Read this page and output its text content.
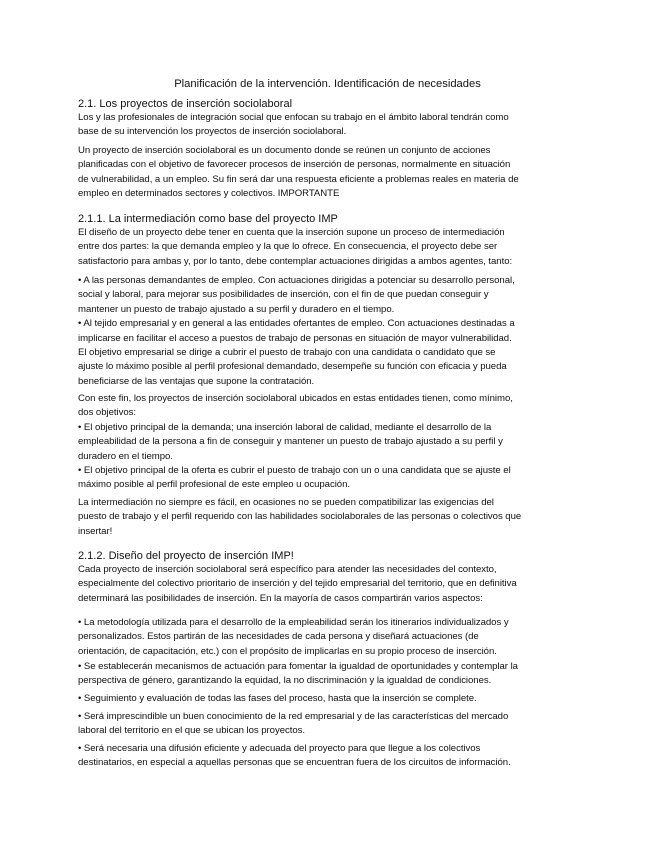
Planificación de la intervención. Identificación de necesidades
2.1. Los proyectos de inserción sociolaboral
Los y las profesionales de integración social que enfocan su trabajo en el ámbito laboral tendrán como
base de su intervención los proyectos de inserción sociolaboral.
Un proyecto de inserción sociolaboral es un documento donde se reúnen un conjunto de acciones
planificadas con el objetivo de favorecer procesos de inserción de personas, normalmente en situación
de vulnerabilidad, a un empleo. Su fin será dar una respuesta eficiente a problemas reales en materia de
empleo en determinados sectores y colectivos. IMPORTANTE
2.1.1. La intermediación como base del proyecto IMP
El diseño de un proyecto debe tener en cuenta que la inserción supone un proceso de intermediación
entre dos partes: la que demanda empleo y la que lo ofrece. En consecuencia, el proyecto debe ser
satisfactorio para ambas y, por lo tanto, debe contemplar actuaciones dirigidas a ambos agentes, tanto:
• A las personas demandantes de empleo. Con actuaciones dirigidas a potenciar su desarrollo personal,
social y laboral, para mejorar sus posibilidades de inserción, con el fin de que puedan conseguir y
mantener un puesto de trabajo ajustado a su perfil y duradero en el tiempo.
• Al tejido empresarial y en general a las entidades ofertantes de empleo. Con actuaciones destinadas a
implicarse en facilitar el acceso a puestos de trabajo de personas en situación de mayor vulnerabilidad.
El objetivo empresarial se dirige a cubrir el puesto de trabajo con una candidata o candidato que se
ajuste lo máximo posible al perfil profesional demandado, desempeñe su función con eficacia y pueda
beneficiarse de las ventajas que supone la contratación.
Con este fin, los proyectos de inserción sociolaboral ubicados en estas entidades tienen, como mínimo,
dos objetivos:
• El objetivo principal de la demanda; una inserción laboral de calidad, mediante el desarrollo de la
empleabilidad de la persona a fin de conseguir y mantener un puesto de trabajo ajustado a su perfil y
duradero en el tiempo.
• El objetivo principal de la oferta es cubrir el puesto de trabajo con un o una candidata que se ajuste el
máximo posible al perfil profesional de este empleo u ocupación.
La intermediación no siempre es fácil, en ocasiones no se pueden compatibilizar las exigencias del
puesto de trabajo y el perfil requerido con las habilidades sociolaborales de las personas o colectivos que
insertar!
2.1.2. Diseño del proyecto de inserción IMP!
Cada proyecto de inserción sociolaboral será específico para atender las necesidades del contexto,
especialmente del colectivo prioritario de inserción y del tejido empresarial del territorio, que en definitiva
determinará las posibilidades de inserción. En la mayoría de casos compartirán varios aspectos:
• La metodología utilizada para el desarrollo de la empleabilidad serán los itinerarios individualizados y
personalizados. Estos partirán de las necesidades de cada persona y diseñará actuaciones (de
orientación, de capacitación, etc.) con el propósito de implicarlas en su propio proceso de inserción.
• Se establecerán mecanismos de actuación para fomentar la igualdad de oportunidades y contemplar la
perspectiva de género, garantizando la equidad, la no discriminación y la igualdad de condiciones.
• Seguimiento y evaluación de todas las fases del proceso, hasta que la inserción se complete.
• Será imprescindible un buen conocimiento de la red empresarial y de las características del mercado
laboral del territorio en el que se ubican los proyectos.
• Será necesaria una difusión eficiente y adecuada del proyecto para que llegue a los colectivos
destinatarios, en especial a aquellas personas que se encuentran fuera de los circuitos de información.
